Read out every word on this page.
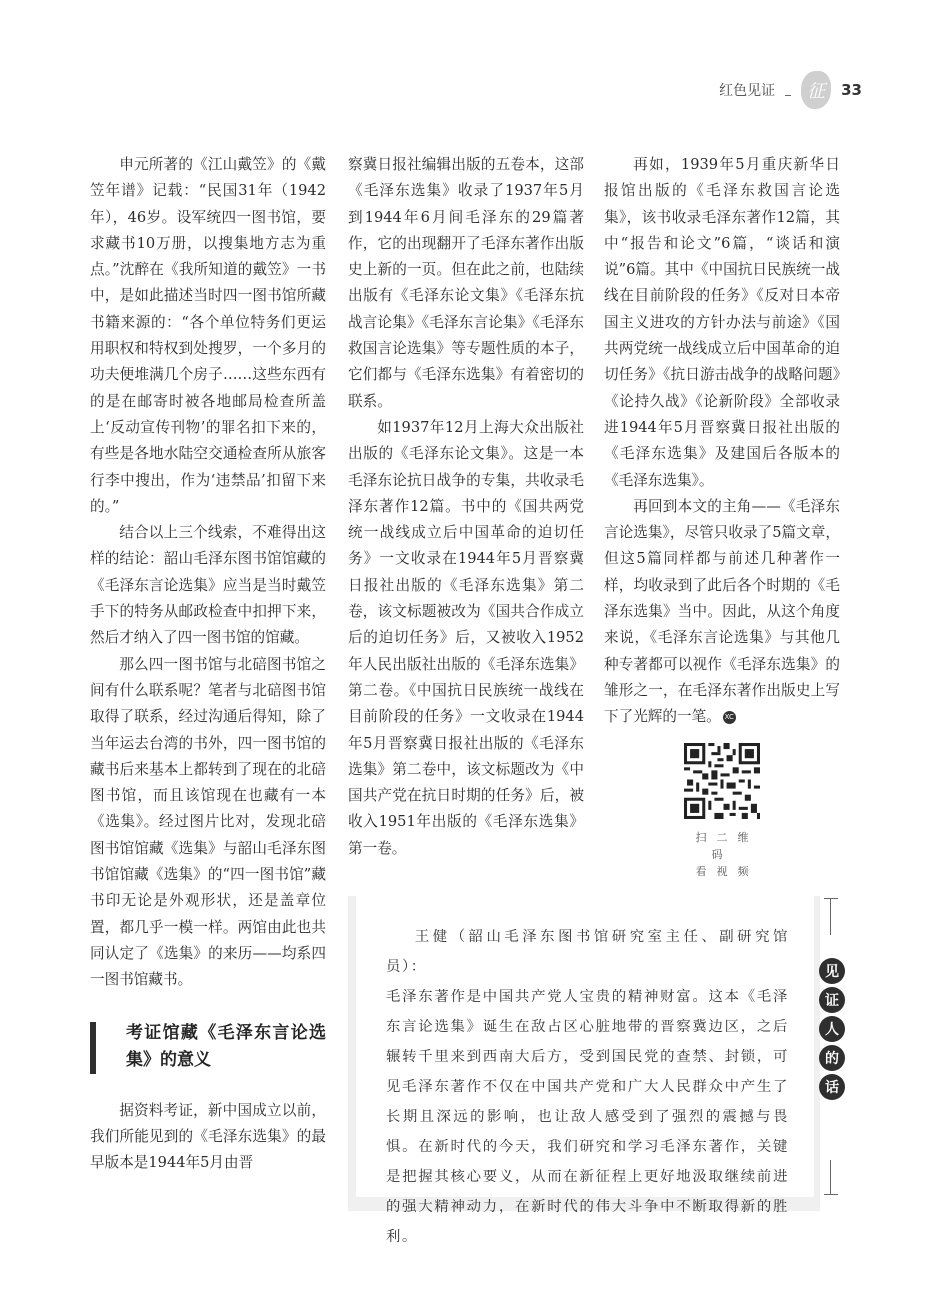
红色见证	征	33

申元所著的《江山戴笠》的《戴笠年谱》记载：“民国31年（1942年），46岁。设军统四一图书馆，要求藏书10万册，以搜集地方志为重点。”沈醉在《我所知道的戴笠》一书中，是如此描述当时四一图书馆所藏书籍来源的：“各个单位特务们更运用职权和特权到处搜罗，一个多月的功夫便堆满几个房子……这些东西有的是在邮寄时被各地邮局检查所盖上‘反动宣传刊物’的罪名扣下来的，有些是各地水陆空交通检查所从旅客行李中搜出，作为‘违禁品’扣留下来的。”

结合以上三个线索，不难得出这样的结论：韶山毛泽东图书馆馆藏的《毛泽东言论选集》应当是当时戴笠手下的特务从邮政检查中扣押下来，然后才纳入了四一图书馆的馆藏。

那么四一图书馆与北碚图书馆之间有什么联系呢？笔者与北碚图书馆取得了联系，经过沟通后得知，除了当年运去台湾的书外，四一图书馆的藏书后来基本上都转到了现在的北碚图书馆，而且该馆现在也藏有一本《选集》。经过图片比对，发现北碚图书馆馆藏《选集》与韶山毛泽东图书馆馆藏《选集》的“四一图书馆”藏书印无论是外观形状，还是盖章位置，都几乎一模一样。两馆由此也共同认定了《选集》的来历——均系四一图书馆藏书。

考证馆藏《毛泽东言论选集》的意义

据资料考证，新中国成立以前，我们所能见到的《毛泽东选集》的最早版本是1944年5月由晋

察冀日报社编辑出版的五卷本，这部《毛泽东选集》收录了1937年5月到1944年6月间毛泽东的29篇著作，它的出现翻开了毛泽东著作出版史上新的一页。但在此之前，也陆续出版有《毛泽东论文集》《毛泽东抗战言论集》《毛泽东言论集》《毛泽东救国言论选集》等专题性质的本子，它们都与《毛泽东选集》有着密切的联系。

如1937年12月上海大众出版社出版的《毛泽东论文集》。这是一本毛泽东论抗日战争的专集，共收录毛泽东著作12篇。书中的《国共两党统一战线成立后中国革命的迫切任务》一文收录在1944年5月晋察冀日报社出版的《毛泽东选集》第二卷，该文标题被改为《国共合作成立后的迫切任务》后，又被收入1952年人民出版社出版的《毛泽东选集》第二卷。《中国抗日民族统一战线在目前阶段的任务》一文收录在1944年5月晋察冀日报社出版的《毛泽东选集》第二卷中，该文标题改为《中国共产党在抗日时期的任务》后，被收入1951年出版的《毛泽东选集》第一卷。

再如，1939年5月重庆新华日报馆出版的《毛泽东救国言论选集》，该书收录毛泽东著作12篇，其中“报告和论文”6篇，“谈话和演说”6篇。其中《中国抗日民族统一战线在目前阶段的任务》《反对日本帝国主义进攻的方针办法与前途》《国共两党统一战线成立后中国革命的迫切任务》《抗日游击战争的战略问题》《论持久战》《论新阶段》全部收录进1944年5月晋察冀日报社出版的《毛泽东选集》及建国后各版本的《毛泽东选集》。

再回到本文的主角——《毛泽东言论选集》，尽管只收录了5篇文章，但这5篇同样都与前述几种著作一样，均收录到了此后各个时期的《毛泽东选集》当中。因此，从这个角度来说，《毛泽东言论选集》与其他几种专著都可以视作《毛泽东选集》的雏形之一，在毛泽东著作出版史上写下了光辉的一笔。 XC

扫二维码
看视频

王健（韶山毛泽东图书馆研究室主任、副研究馆员）：

毛泽东著作是中国共产党人宝贵的精神财富。这本《毛泽东言论选集》诞生在敌占区心脏地带的晋察冀边区，之后辗转千里来到西南大后方，受到国民党的查禁、封锁，可见毛泽东著作不仅在中国共产党和广大人民群众中产生了长期且深远的影响，也让敌人感受到了强烈的震撼与畏惧。在新时代的今天，我们研究和学习毛泽东著作，关键是把握其核心要义，从而在新征程上更好地汲取继续前进的强大精神动力，在新时代的伟大斗争中不断取得新的胜利。

见
证
人
的
话
